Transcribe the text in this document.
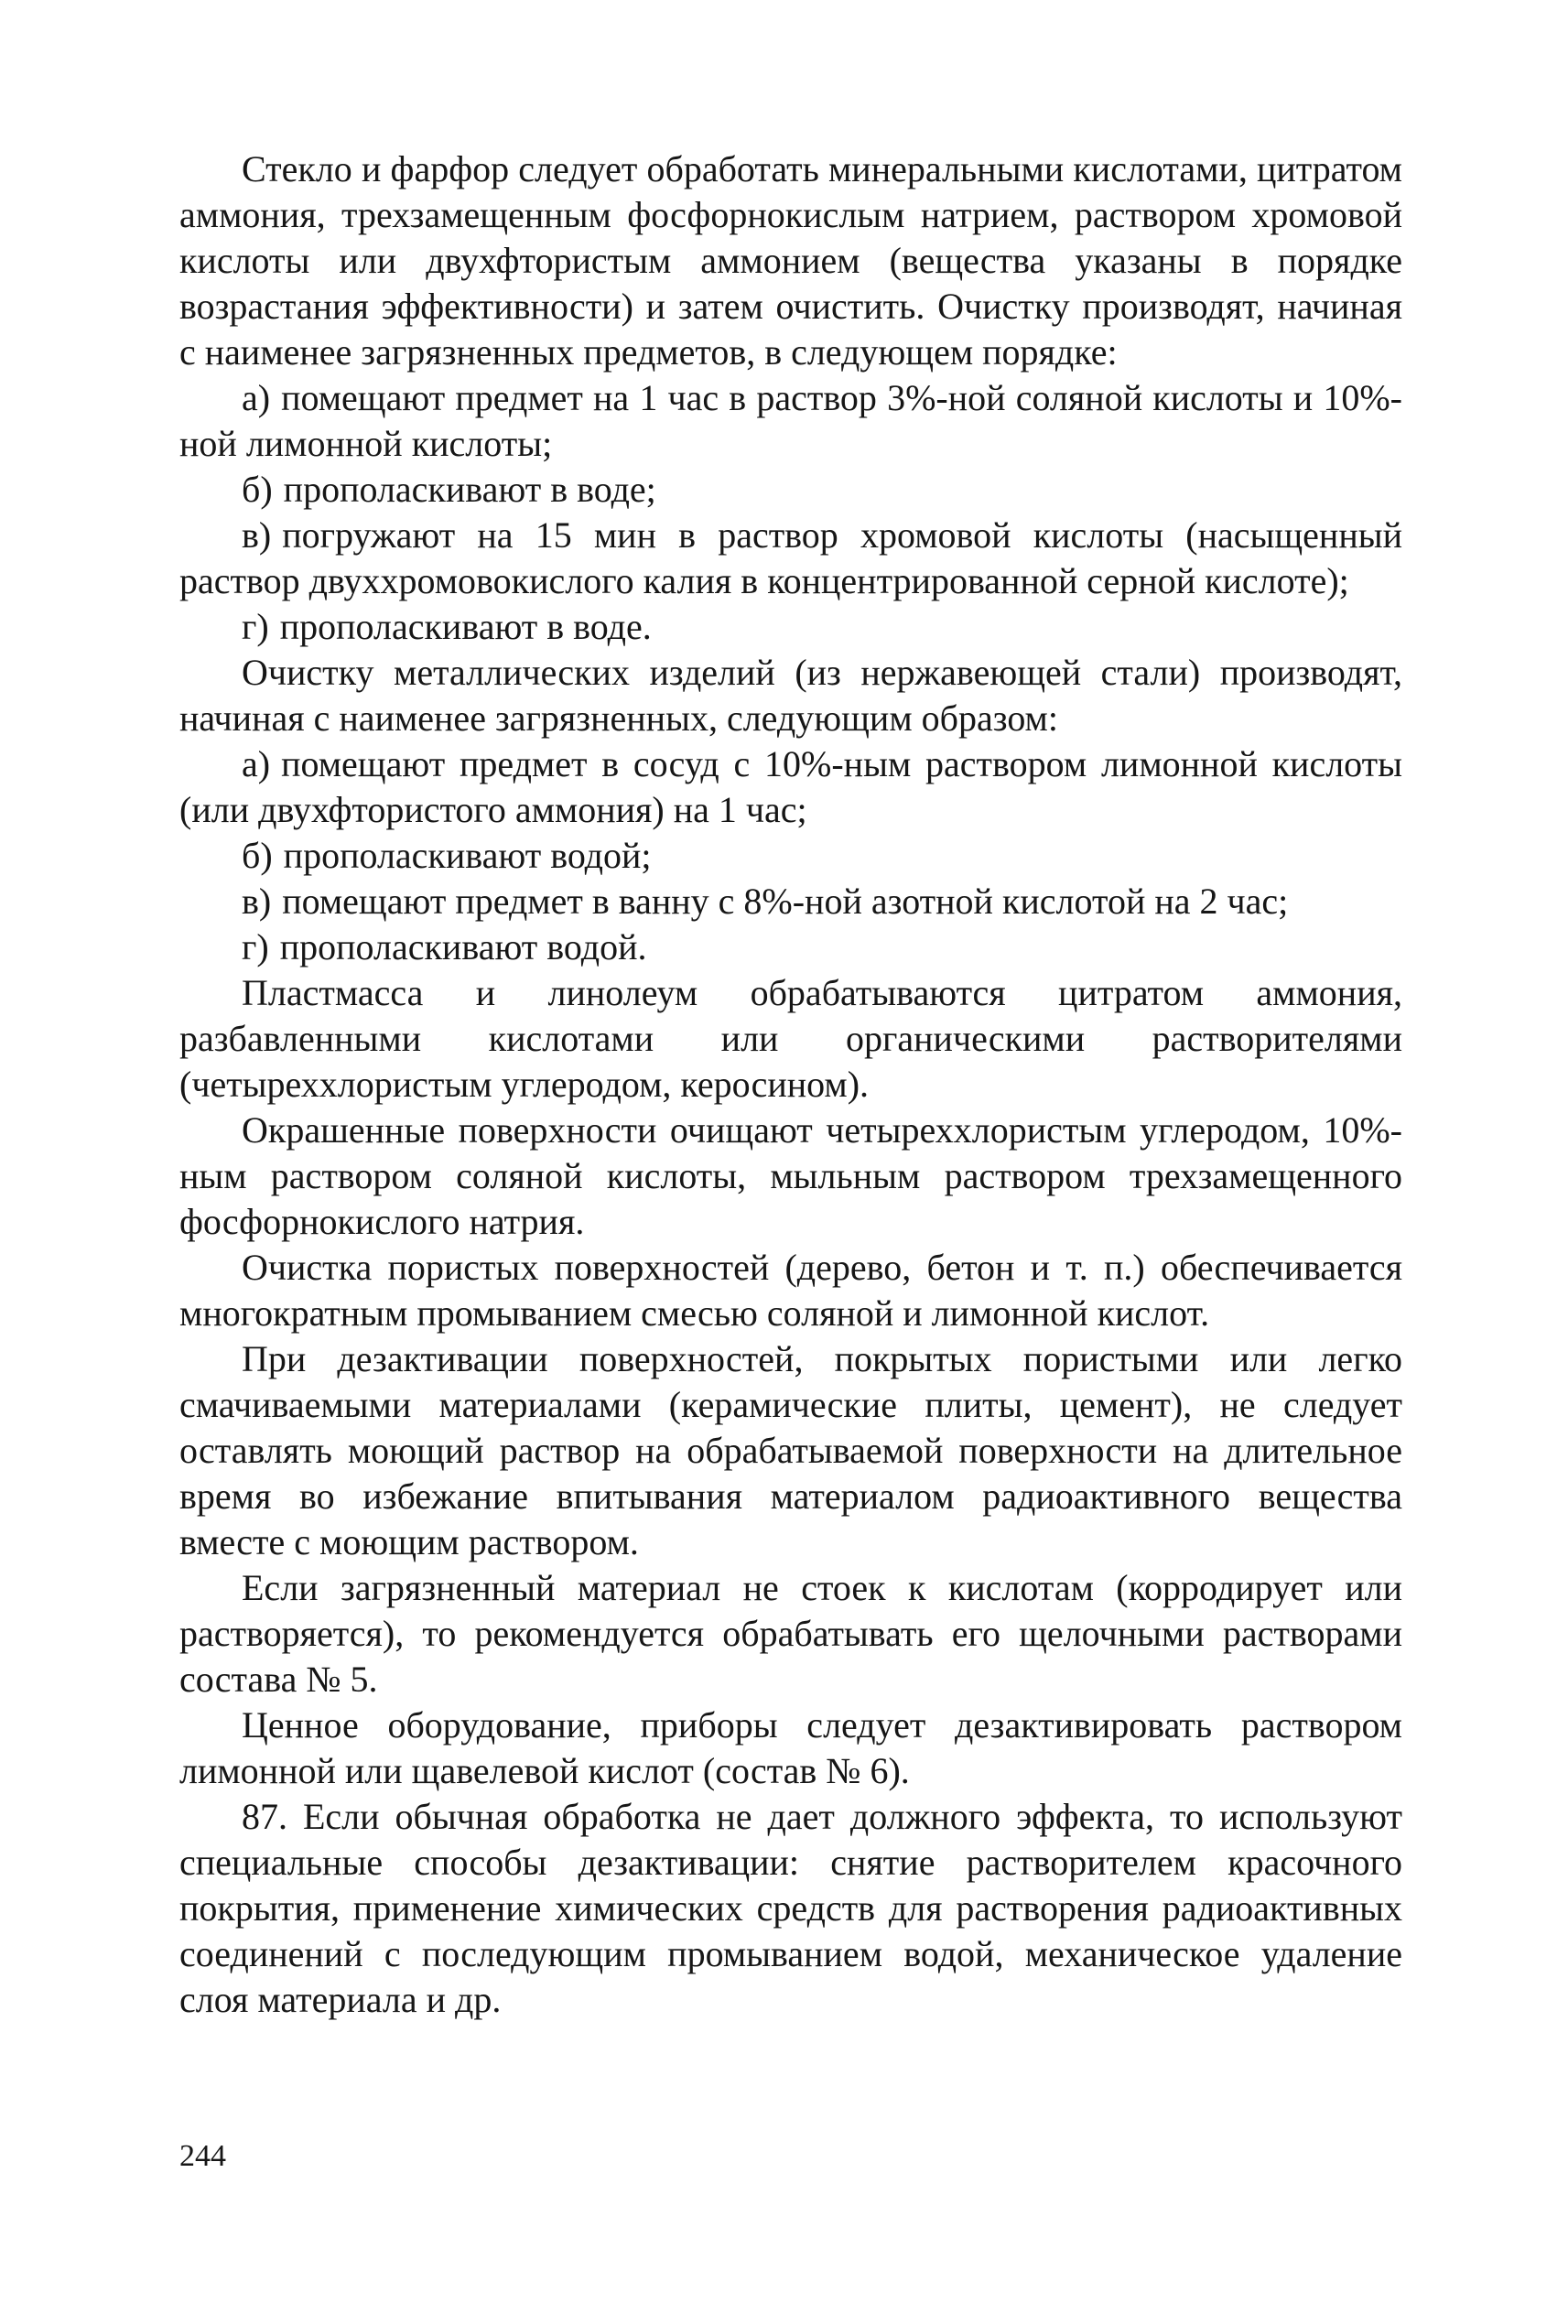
Стекло и фарфор следует обработать минеральными кислотами, цитратом аммония, трехзамещенным фосфорнокислым натрием, раствором хромовой кислоты или двухфтористым аммонием (вещества указаны в порядке возрастания эффективности) и затем очистить. Очистку производят, начиная с наименее загрязненных предметов, в следующем порядке:

а) помещают предмет на 1 час в раствор 3%-ной соляной кислоты и 10%-ной лимонной кислоты;

б) прополаскивают в воде;

в) погружают на 15 мин в раствор хромовой кислоты (насыщенный раствор двуххромовокислого калия в концентрированной серной кислоте);

г) прополаскивают в воде.

Очистку металлических изделий (из нержавеющей стали) производят, начиная с наименее загрязненных, следующим образом:

а) помещают предмет в сосуд с 10%-ным раствором лимонной кислоты (или двухфтористого аммония) на 1 час;

б) прополаскивают водой;

в) помещают предмет в ванну с 8%-ной азотной кислотой на 2 час;

г) прополаскивают водой.

Пластмасса и линолеум обрабатываются цитратом аммония, разбавленными кислотами или органическими растворителями (четыреххлористым углеродом, керосином).

Окрашенные поверхности очищают четыреххлористым углеродом, 10%-ным раствором соляной кислоты, мыльным раствором трехзамещенного фосфорнокислого натрия.

Очистка пористых поверхностей (дерево, бетон и т. п.) обеспечивается многократным промыванием смесью соляной и лимонной кислот.

При дезактивации поверхностей, покрытых пористыми или легко смачиваемыми материалами (керамические плиты, цемент), не следует оставлять моющий раствор на обрабатываемой поверхности на длительное время во избежание впитывания материалом радиоактивного вещества вместе с моющим раствором.

Если загрязненный материал не стоек к кислотам (корродирует или растворяется), то рекомендуется обрабатывать его щелочными растворами состава № 5.

Ценное оборудование, приборы следует дезактивировать раствором лимонной или щавелевой кислот (состав № 6).

87. Если обычная обработка не дает должного эффекта, то используют специальные способы дезактивации: снятие растворителем красочного покрытия, применение химических средств для растворения радиоактивных соединений с последующим промыванием водой, механическое удаление слоя материала и др.

244
